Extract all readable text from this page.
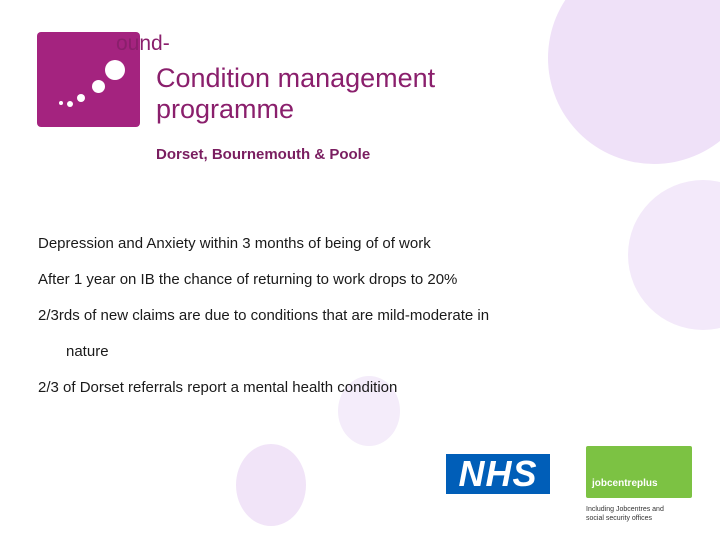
ound-
Condition management
programme
Dorset, Bournemouth & Poole

Depression and Anxiety within 3 months of being of of work

After 1 year on IB the chance of returning to work drops to 20%

2/3rds of new claims are due to conditions that are mild-moderate in
nature

2/3 of Dorset referrals report a mental health condition

NHS	jobcentreplus
Including Jobcentres and
social security offices
